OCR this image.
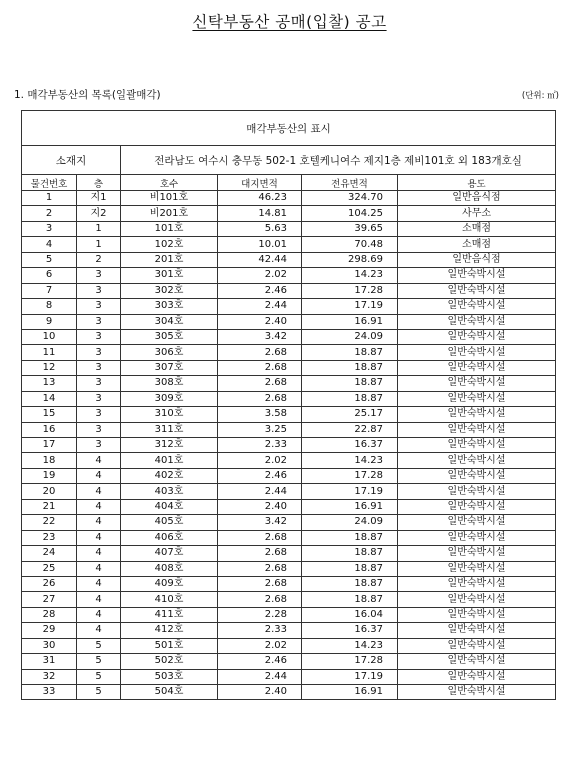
신탁부동산 공매(입찰) 공고
1. 매각부동산의 목록(일괄매각)	(단위: ㎡)
매각부동산의 표시					
소재지		전라남도 여수시 충무동 502-1 호텔케니여수 제지1층 제비101호 외 183개호실			
물건번호	층	호수	대지면적	전유면적	용도
1	지1	비101호	46.23	324.70	일반음식점
2	지2	비201호	14.81	104.25	사무소
3	1	101호	5.63	39.65	소매점
4	1	102호	10.01	70.48	소매점
5	2	201호	42.44	298.69	일반음식점
6	3	301호	2.02	14.23	일반숙박시설
7	3	302호	2.46	17.28	일반숙박시설
8	3	303호	2.44	17.19	일반숙박시설
9	3	304호	2.40	16.91	일반숙박시설
10	3	305호	3.42	24.09	일반숙박시설
11	3	306호	2.68	18.87	일반숙박시설
12	3	307호	2.68	18.87	일반숙박시설
13	3	308호	2.68	18.87	일반숙박시설
14	3	309호	2.68	18.87	일반숙박시설
15	3	310호	3.58	25.17	일반숙박시설
16	3	311호	3.25	22.87	일반숙박시설
17	3	312호	2.33	16.37	일반숙박시설
18	4	401호	2.02	14.23	일반숙박시설
19	4	402호	2.46	17.28	일반숙박시설
20	4	403호	2.44	17.19	일반숙박시설
21	4	404호	2.40	16.91	일반숙박시설
22	4	405호	3.42	24.09	일반숙박시설
23	4	406호	2.68	18.87	일반숙박시설
24	4	407호	2.68	18.87	일반숙박시설
25	4	408호	2.68	18.87	일반숙박시설
26	4	409호	2.68	18.87	일반숙박시설
27	4	410호	2.68	18.87	일반숙박시설
28	4	411호	2.28	16.04	일반숙박시설
29	4	412호	2.33	16.37	일반숙박시설
30	5	501호	2.02	14.23	일반숙박시설
31	5	502호	2.46	17.28	일반숙박시설
32	5	503호	2.44	17.19	일반숙박시설
33	5	504호	2.40	16.91	일반숙박시설
